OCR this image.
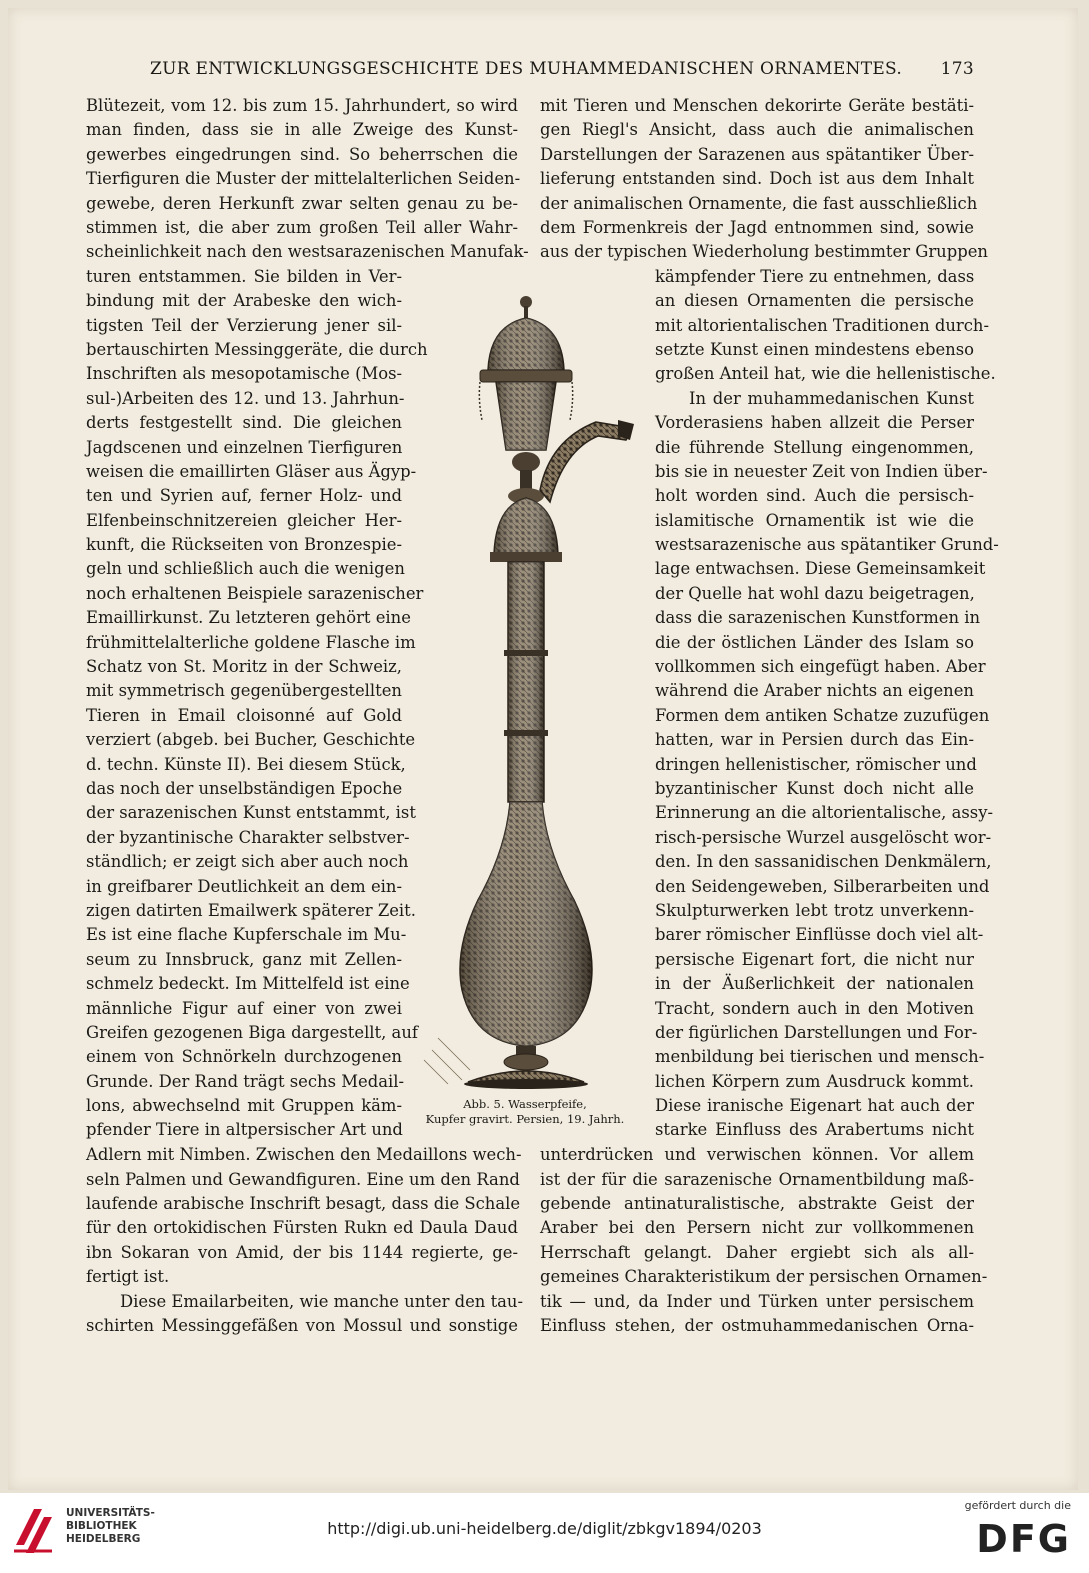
ZUR ENTWICKLUNGSGESCHICHTE DES MUHAMMEDANISCHEN ORNAMENTES. 173
Blütezeit, vom 12. bis zum 15. Jahrhundert, so wird
man finden, dass sie in alle Zweige des Kunst-
gewerbes eingedrungen sind. So beherrschen die
Tierfiguren die Muster der mittelalterlichen Seiden-
gewebe, deren Herkunft zwar selten genau zu be-
stimmen ist, die aber zum großen Teil aller Wahr-
scheinlichkeit nach den westsarazenischen Manufak-
turen entstammen. Sie bilden in Ver-
bindung mit der Arabeske den wich-
tigsten Teil der Verzierung jener sil-
bertauschirten Messinggeräte, die durch
Inschriften als mesopotamische (Mos-
sul-)Arbeiten des 12. und 13. Jahrhun-
derts festgestellt sind. Die gleichen
Jagdscenen und einzelnen Tierfiguren
weisen die emaillirten Gläser aus Ägyp-
ten und Syrien auf, ferner Holz- und
Elfenbeinschnitzereien gleicher Her-
kunft, die Rückseiten von Bronzespie-
geln und schließlich auch die wenigen
noch erhaltenen Beispiele sarazenischer
Emaillirkunst. Zu letzteren gehört eine
frühmittelalterliche goldene Flasche im
Schatz von St. Moritz in der Schweiz,
mit symmetrisch gegenübergestellten
Tieren in Email cloisonné auf Gold
verziert (abgeb. bei Bucher, Geschichte
d. techn. Künste II). Bei diesem Stück,
das noch der unselbständigen Epoche
der sarazenischen Kunst entstammt, ist
der byzantinische Charakter selbstver-
ständlich; er zeigt sich aber auch noch
in greifbarer Deutlichkeit an dem ein-
zigen datirten Emailwerk späterer Zeit.
Es ist eine flache Kupferschale im Mu-
seum zu Innsbruck, ganz mit Zellen-
schmelz bedeckt. Im Mittelfeld ist eine
männliche Figur auf einer von zwei
Greifen gezogenen Biga dargestellt, auf
einem von Schnörkeln durchzogenen
Grunde. Der Rand trägt sechs Medail-
lons, abwechselnd mit Gruppen käm-
pfender Tiere in altpersischer Art und
Adlern mit Nimben. Zwischen den Medaillons wech-
seln Palmen und Gewandfiguren. Eine um den Rand
laufende arabische Inschrift besagt, dass die Schale
für den ortokidischen Fürsten Rukn ed Daula Daud
ibn Sokaran von Amid, der bis 1144 regierte, ge-
fertigt ist.
Diese Emailarbeiten, wie manche unter den tau-
schirten Messinggefäßen von Mossul und sonstige
mit Tieren und Menschen dekorirte Geräte bestäti-
gen Riegl's Ansicht, dass auch die animalischen
Darstellungen der Sarazenen aus spätantiker Über-
lieferung entstanden sind. Doch ist aus dem Inhalt
der animalischen Ornamente, die fast ausschließlich
dem Formenkreis der Jagd entnommen sind, sowie
aus der typischen Wiederholung bestimmter Gruppen
kämpfender Tiere zu entnehmen, dass
an diesen Ornamenten die persische
mit altorientalischen Traditionen durch-
setzte Kunst einen mindestens ebenso
großen Anteil hat, wie die hellenistische.
In der muhammedanischen Kunst
Vorderasiens haben allzeit die Perser
die führende Stellung eingenommen,
bis sie in neuester Zeit von Indien über-
holt worden sind. Auch die persisch-
islamitische Ornamentik ist wie die
westsarazenische aus spätantiker Grund-
lage entwachsen. Diese Gemeinsamkeit
der Quelle hat wohl dazu beigetragen,
dass die sarazenischen Kunstformen in
die der östlichen Länder des Islam so
vollkommen sich eingefügt haben. Aber
während die Araber nichts an eigenen
Formen dem antiken Schatze zuzufügen
hatten, war in Persien durch das Ein-
dringen hellenistischer, römischer und
byzantinischer Kunst doch nicht alle
Erinnerung an die altorientalische, assy-
risch-persische Wurzel ausgelöscht wor-
den. In den sassanidischen Denkmälern,
den Seidengeweben, Silberarbeiten und
Skulpturwerken lebt trotz unverkenn-
barer römischer Einflüsse doch viel alt-
persische Eigenart fort, die nicht nur
in der Äußerlichkeit der nationalen
Tracht, sondern auch in den Motiven
der figürlichen Darstellungen und For-
menbildung bei tierischen und mensch-
lichen Körpern zum Ausdruck kommt.
Diese iranische Eigenart hat auch der
starke Einfluss des Arabertums nicht
unterdrücken und verwischen können. Vor allem
ist der für die sarazenische Ornamentbildung maß-
gebende antinaturalistische, abstrakte Geist der
Araber bei den Persern nicht zur vollkommenen
Herrschaft gelangt. Daher ergiebt sich als all-
gemeines Charakteristikum der persischen Ornamen-
tik — und, da Inder und Türken unter persischem
Einfluss stehen, der ostmuhammedanischen Orna-
Abb. 5. Wasserpfeife,
Kupfer gravirt. Persien, 19. Jahrh.
UNIVERSITÄTS-
BIBLIOTHEK
HEIDELBERG
http://digi.ub.uni-heidelberg.de/diglit/zbkgv1894/0203
gefördert durch die
DFG
